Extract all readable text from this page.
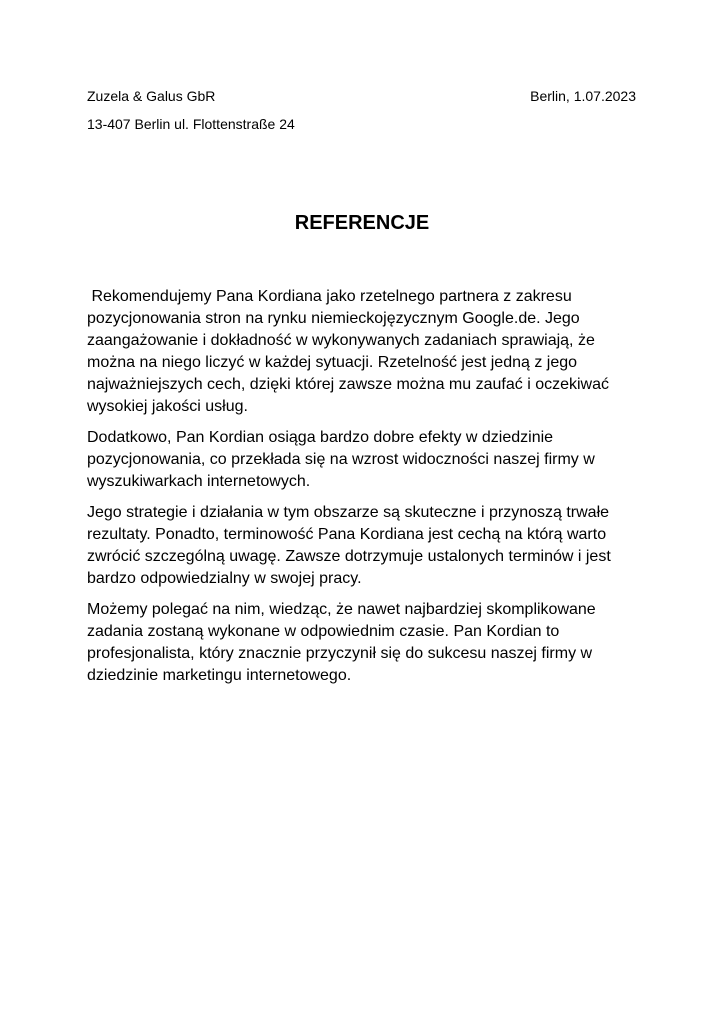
Zuzela & Galus GbR	Berlin, 1.07.2023
13-407 Berlin ul. Flottenstraße 24
REFERENCJE

Rekomendujemy Pana Kordiana jako rzetelnego partnera z zakresu pozycjonowania stron na rynku niemieckojęzycznym Google.de. Jego zaangażowanie i dokładność w wykonywanych zadaniach sprawiają, że można na niego liczyć w każdej sytuacji. Rzetelność jest jedną z jego najważniejszych cech, dzięki której zawsze można mu zaufać i oczekiwać wysokiej jakości usług.

Dodatkowo, Pan Kordian osiąga bardzo dobre efekty w dziedzinie pozycjonowania, co przekłada się na wzrost widoczności naszej firmy w wyszukiwarkach internetowych.

Jego strategie i działania w tym obszarze są skuteczne i przynoszą trwałe rezultaty. Ponadto, terminowość Pana Kordiana jest cechą na którą warto zwrócić szczególną uwagę. Zawsze dotrzymuje ustalonych terminów i jest bardzo odpowiedzialny w swojej pracy.

Możemy polegać na nim, wiedząc, że nawet najbardziej skomplikowane zadania zostaną wykonane w odpowiednim czasie. Pan Kordian to profesjonalista, który znacznie przyczynił się do sukcesu naszej firmy w dziedzinie marketingu internetowego.
